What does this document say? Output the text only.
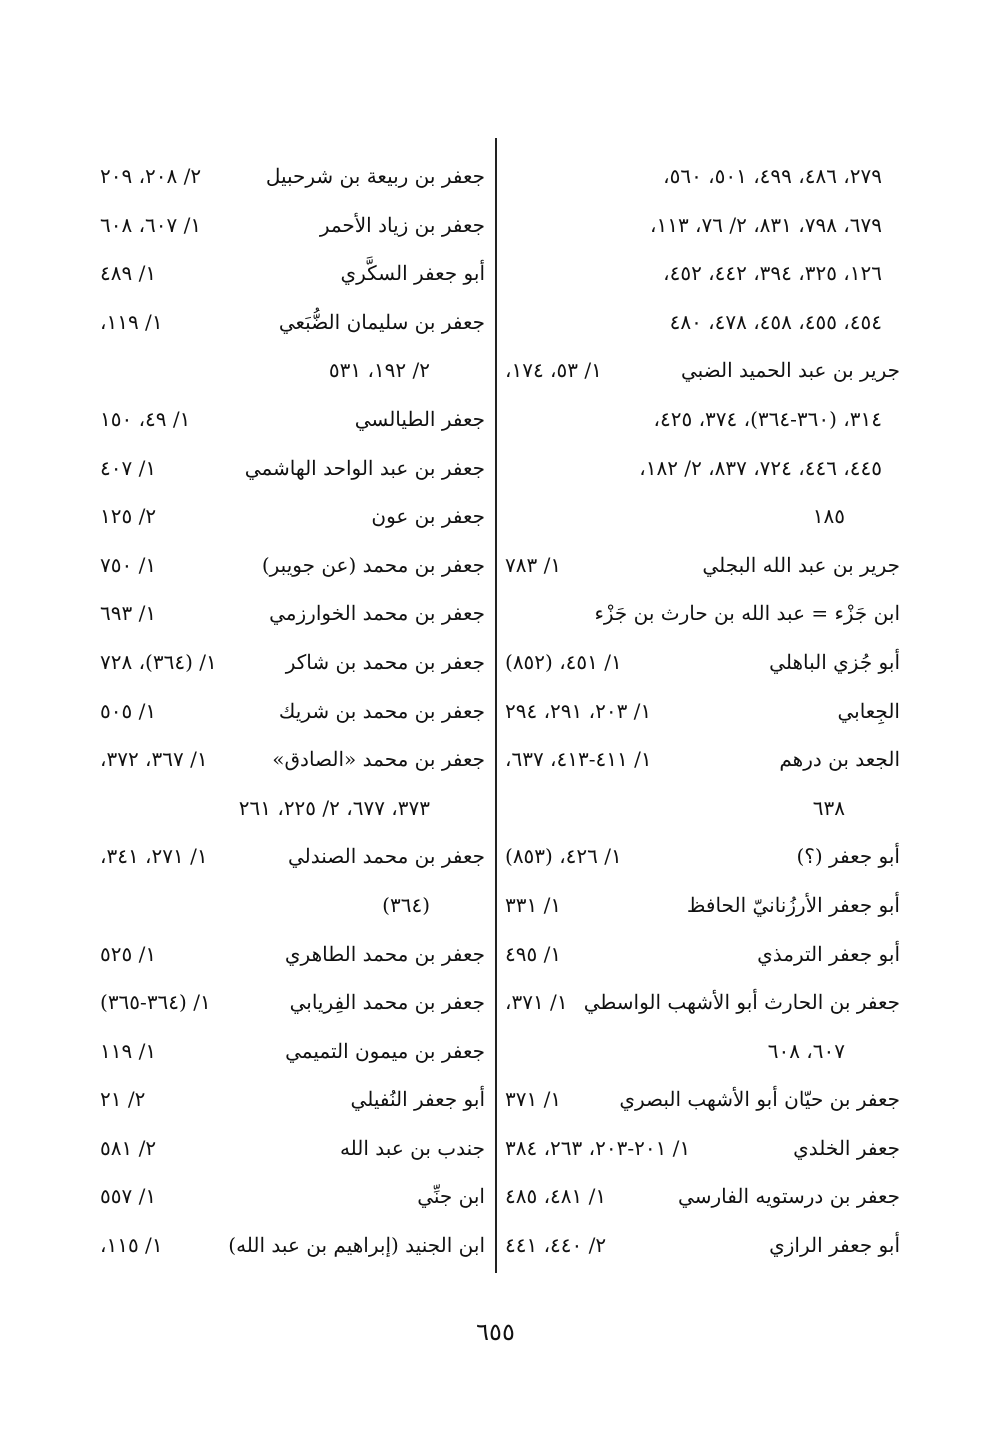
٢٧٩، ٤٨٦، ٤٩٩، ٥٠١، ٥٦٠،
٦٧٩، ٧٩٨، ٨٣١، ٢/ ٧٦، ١١٣،
١٢٦، ٣٢٥، ٣٩٤، ٤٤٢، ٤٥٢،
٤٥٤، ٤٥٥، ٤٥٨، ٤٧٨، ٤٨٠
جرير بن عبد الحميد الضبي
١/ ٥٣، ١٧٤،
٣١٤، (٣٦٠-٣٦٤)، ٣٧٤، ٤٢٥،
٤٤٥، ٤٤٦، ٧٢٤، ٨٣٧، ٢/ ١٨٢،
١٨٥
جرير بن عبد الله البجلي
١/ ٧٨٣
ابن جَزْء = عبد الله بن حارث بن جَزْء
أبو جُزي الباهلي
١/ ٤٥١، (٨٥٢)
الجِعابي
١/ ٢٠٣، ٢٩١، ٢٩٤
الجعد بن درهم
١/ ٤١١-٤١٣، ٦٣٧،
٦٣٨
أبو جعفر (؟)
١/ ٤٢٦، (٨٥٣)
أبو جعفر الأرزُنانيّ الحافظ
١/ ٣٣١
أبو جعفر الترمذي
١/ ٤٩٥
جعفر بن الحارث أبو الأشهب الواسطي
١/ ٣٧١،
٦٠٧، ٦٠٨
جعفر بن حيّان أبو الأشهب البصري
١/ ٣٧١
جعفر الخلدي
١/ ٢٠١-٢٠٣، ٢٦٣، ٣٨٤
جعفر بن درستويه الفارسي
١/ ٤٨١، ٤٨٥
أبو جعفر الرازي
٢/ ٤٤٠، ٤٤١
جعفر بن ربيعة بن شرحبيل
٢/ ٢٠٨، ٢٠٩
جعفر بن زياد الأحمر
١/ ٦٠٧، ٦٠٨
أبو جعفر السكَّري
١/ ٤٨٩
جعفر بن سليمان الضُّبَعي
١/ ١١٩،
٢/ ١٩٢، ٥٣١
جعفر الطيالسي
١/ ٤٩، ١٥٠
جعفر بن عبد الواحد الهاشمي
١/ ٤٠٧
جعفر بن عون
٢/ ١٢٥
جعفر بن محمد (عن جويبر)
١/ ٧٥٠
جعفر بن محمد الخوارزمي
١/ ٦٩٣
جعفر بن محمد بن شاكر
١/ (٣٦٤)، ٧٢٨
جعفر بن محمد بن شريك
١/ ٥٠٥
جعفر بن محمد «الصادق»
١/ ٣٦٧، ٣٧٢،
٣٧٣، ٦٧٧، ٢/ ٢٢٥، ٢٦١
جعفر بن محمد الصندلي
١/ ٢٧١، ٣٤١،
(٣٦٤)
جعفر بن محمد الطاهري
١/ ٥٢٥
جعفر بن محمد الفِريابي
١/ (٣٦٤-٣٦٥)
جعفر بن ميمون التميمي
١/ ١١٩
أبو جعفر النُفيلي
٢/ ٢١
جندب بن عبد الله
٢/ ٥٨١
ابن جنِّي
١/ ٥٥٧
ابن الجنيد (إبراهيم بن عبد الله)
١/ ١١٥،
٦٥٥
